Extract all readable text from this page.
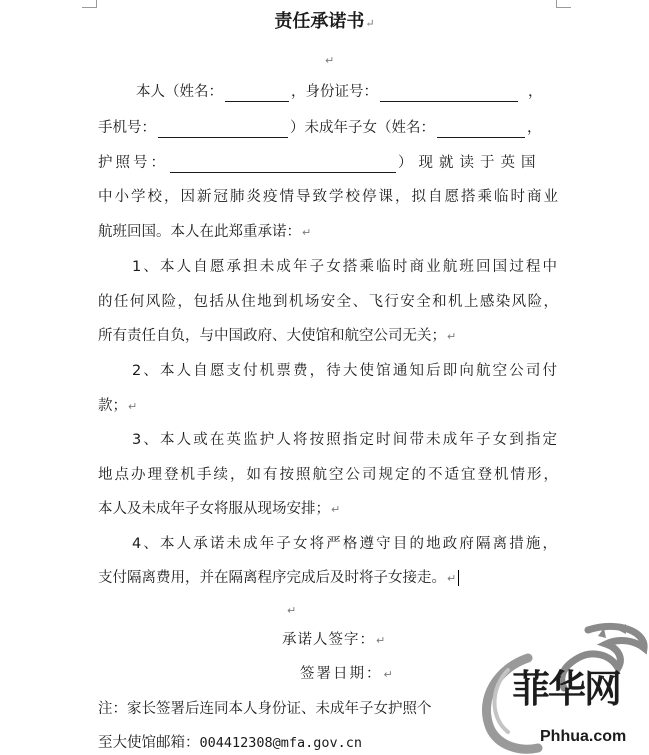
责任承诺书↵
↵
本人（姓名：	，身份证号：	，
手机号：	）未成年子女（姓名：	，
护照号：	）现就读于英国
中小学校，因新冠肺炎疫情导致学校停课，拟自愿搭乘临时商业
航班回国。本人在此郑重承诺：↵
1、本人自愿承担未成年子女搭乘临时商业航班回国过程中
的任何风险，包括从住地到机场安全、飞行安全和机上感染风险，
所有责任自负，与中国政府、大使馆和航空公司无关；↵
2、本人自愿支付机票费，待大使馆通知后即向航空公司付
款；↵
3、本人或在英监护人将按照指定时间带未成年子女到指定
地点办理登机手续，如有按照航空公司规定的不适宜登机情形，
本人及未成年子女将服从现场安排；↵
4、本人承诺未成年子女将严格遵守目的地政府隔离措施，
支付隔离费用，并在隔离程序完成后及时将子女接走。↵
↵
承诺人签字：↵
签署日期：↵
注：家长签署后连同本人身份证、未成年子女护照个
至大使馆邮箱：004412308@mfa.gov.cn
菲华网
Phhua.com
